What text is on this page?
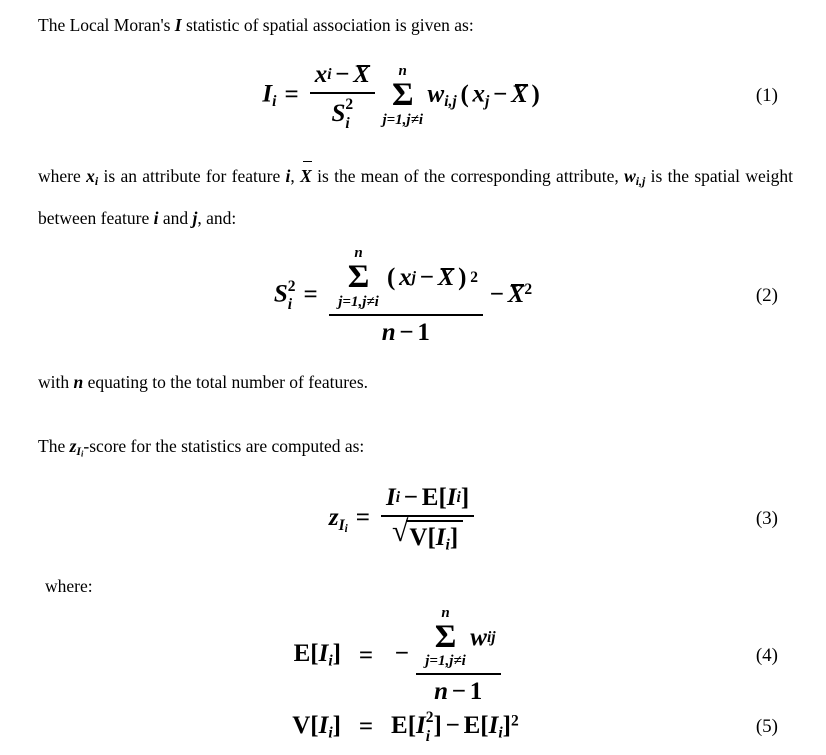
The Local Moran's I statistic of spatial association is given as:

Ii = x i − X
S 2
i n
Σ
j=1,j≠i
wi,j ( xj − X )	(1)

where xi is an attribute for feature i, X is the mean of the corresponding attribute, wi,j is the spatial weight between feature i and j, and:

S 2
i = n
Σ
j=1,j≠i
( x j − X ) 2
$n - 1 - X^2$	(2)

with n equating to the total number of features.

The zIi-score for the statistics are computed as:

zIi = $\frac{\text{I i − E [ I i ]}}{√ V[Ii]}$	(3)

where:

E[Ii] = − n
Σ
j=1,j≠i
w ij
n − 1	(4)
V[Ii] = E[I 2
i ] − $E[Ii]^2$	(5)
